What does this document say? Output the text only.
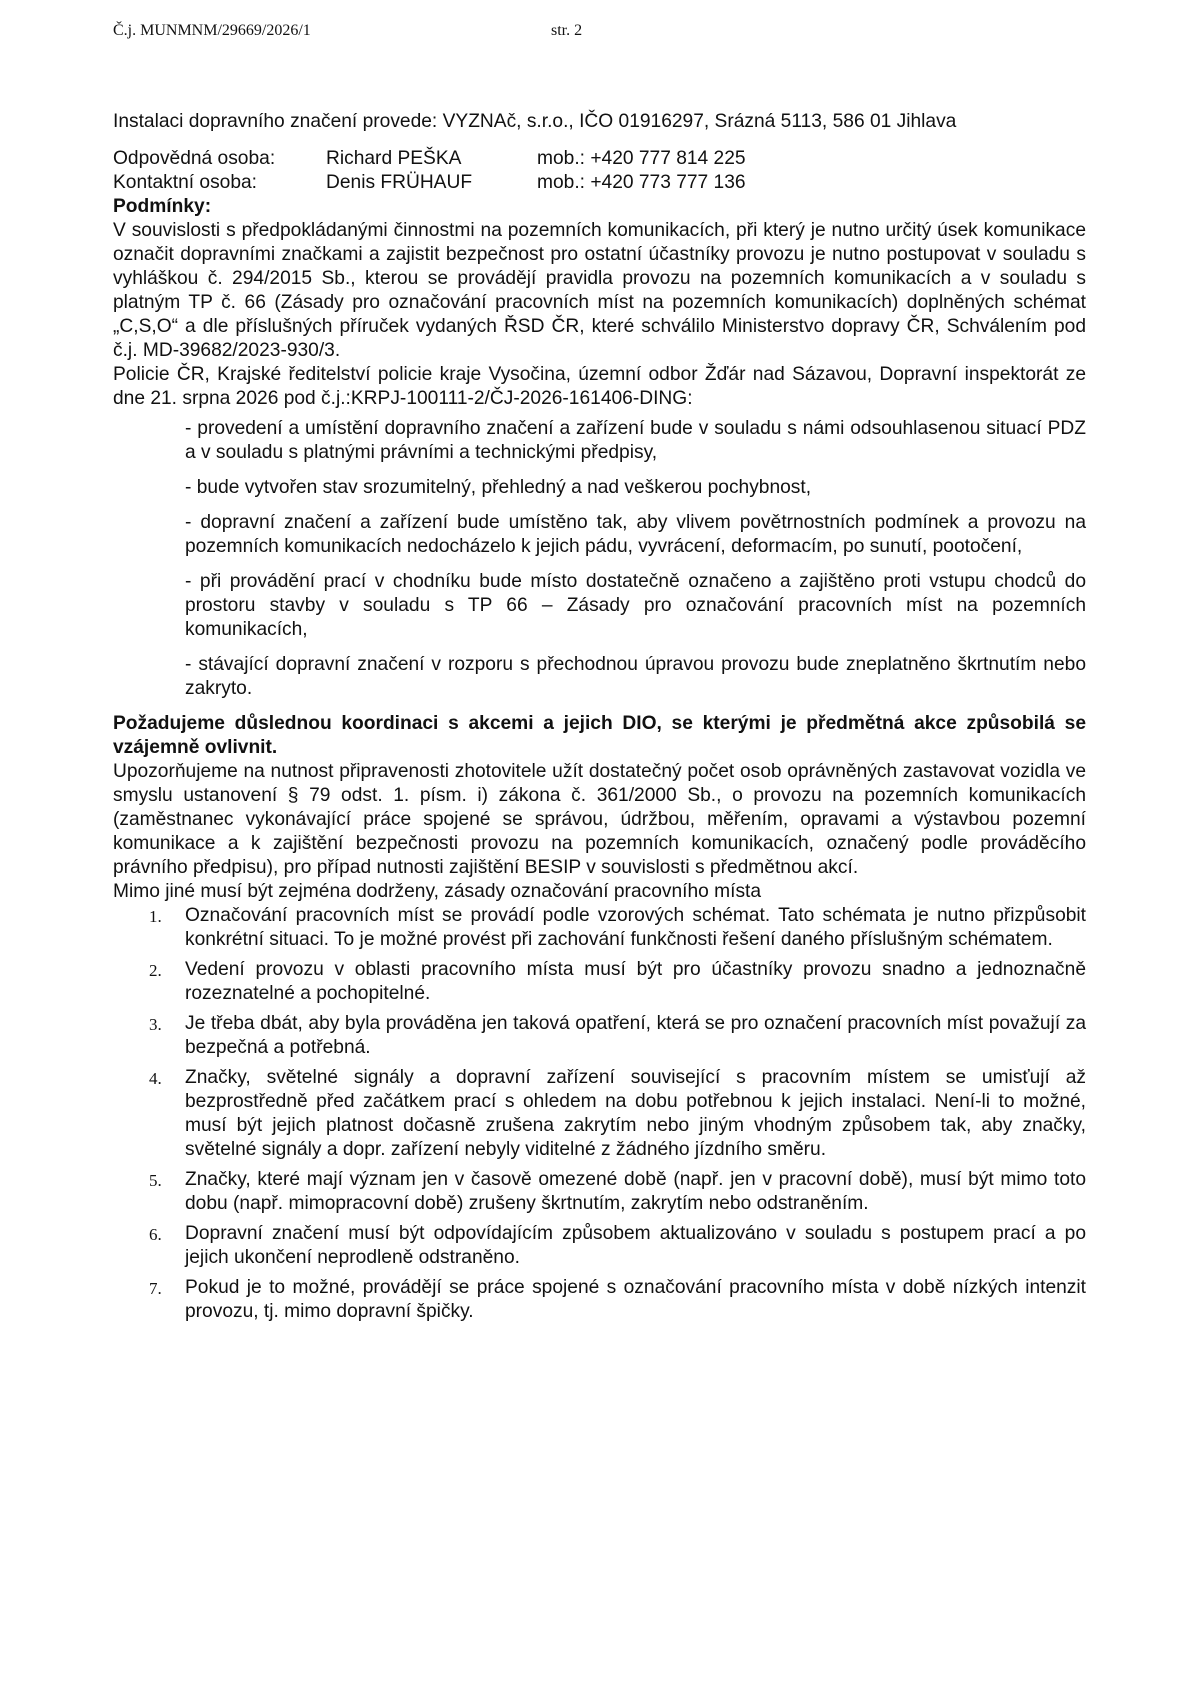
Č.j. MUNMNM/29669/2026/1	str. 2

Instalaci dopravního značení provede: VYZNAč, s.r.o., IČO 01916297, Srázná 5113, 586 01 Jihlava

Odpovědná osoba:	Richard PEŠKA	mob.: +420 777 814 225
Kontaktní osoba:	Denis FRÜHAUF	mob.: +420 773 777 136

Podmínky:

V souvislosti s předpokládanými činnostmi na pozemních komunikacích, při který je nutno určitý úsek komunikace označit dopravními značkami a zajistit bezpečnost pro ostatní účastníky provozu je nutno postupovat v souladu s vyhláškou č. 294/2015 Sb., kterou se provádějí pravidla provozu na pozemních komunikacích a v souladu s platným TP č. 66 (Zásady pro označování pracovních míst na pozemních komunikacích) doplněných schémat „C,S,O“ a dle příslušných příruček vydaných ŘSD ČR, které schválilo Ministerstvo dopravy ČR, Schválením pod č.j. MD-39682/2023-930/3.

Policie ČR, Krajské ředitelství policie kraje Vysočina, územní odbor Žďár nad Sázavou, Dopravní inspektorát ze dne 21. srpna 2026 pod č.j.:KRPJ-100111-2/ČJ-2026-161406-DING:

- provedení a umístění dopravního značení a zařízení bude v souladu s námi odsouhlasenou situací PDZ a v souladu s platnými právními a technickými předpisy,
- bude vytvořen stav srozumitelný, přehledný a nad veškerou pochybnost,
- dopravní značení a zařízení bude umístěno tak, aby vlivem povětrnostních podmínek a provozu na pozemních komunikacích nedocházelo k jejich pádu, vyvrácení, deformacím, po sunutí, pootočení,
- při provádění prací v chodníku bude místo dostatečně označeno a zajištěno proti vstupu chodců do prostoru stavby v souladu s TP 66 – Zásady pro označování pracovních míst na pozemních komunikacích,
- stávající dopravní značení v rozporu s přechodnou úpravou provozu bude zneplatněno škrtnutím nebo zakryto.

Požadujeme důslednou koordinaci s akcemi a jejich DIO, se kterými je předmětná akce způsobilá se vzájemně ovlivnit.

Upozorňujeme na nutnost připravenosti zhotovitele užít dostatečný počet osob oprávněných zastavovat vozidla ve smyslu ustanovení § 79 odst. 1. písm. i) zákona č. 361/2000 Sb., o provozu na pozemních komunikacích (zaměstnanec vykonávající práce spojené se správou, údržbou, měřením, opravami a výstavbou pozemní komunikace a k zajištění bezpečnosti provozu na pozemních komunikacích, označený podle prováděcího právního předpisu), pro případ nutnosti zajištění BESIP v souvislosti s předmětnou akcí.

Mimo jiné musí být zejména dodrženy, zásady označování pracovního místa

1. Označování pracovních míst se provádí podle vzorových schémat. Tato schémata je nutno přizpůsobit konkrétní situaci. To je možné provést při zachování funkčnosti řešení daného příslušným schématem.
2. Vedení provozu v oblasti pracovního místa musí být pro účastníky provozu snadno a jednoznačně rozeznatelné a pochopitelné.
3. Je třeba dbát, aby byla prováděna jen taková opatření, která se pro označení pracovních míst považují za bezpečná a potřebná.
4. Značky, světelné signály a dopravní zařízení související s pracovním místem se umisťují až bezprostředně před začátkem prací s ohledem na dobu potřebnou k jejich instalaci. Není-li to možné, musí být jejich platnost dočasně zrušena zakrytím nebo jiným vhodným způsobem tak, aby značky, světelné signály a dopr. zařízení nebyly viditelné z žádného jízdního směru.
5. Značky, které mají význam jen v časově omezené době (např. jen v pracovní době), musí být mimo toto dobu (např. mimopracovní době) zrušeny škrtnutím, zakrytím nebo odstraněním.
6. Dopravní značení musí být odpovídajícím způsobem aktualizováno v souladu s postupem prací a po jejich ukončení neprodleně odstraněno.
7. Pokud je to možné, provádějí se práce spojené s označování pracovního místa v době nízkých intenzit provozu, tj. mimo dopravní špičky.
